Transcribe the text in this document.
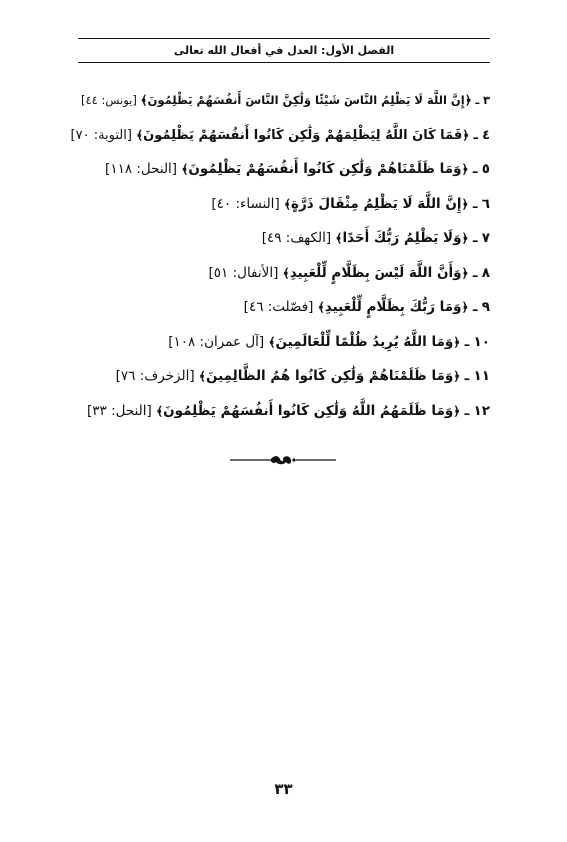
الفصل الأول: العدل في أفعال الله تعالى
٣ ـ ﴿إِنَّ اللَّهَ لَا يَظْلِمُ النَّاسَ شَيْئًا وَلَٰكِنَّ النَّاسَ أَنفُسَهُمْ يَظْلِمُونَ﴾ [يونس: ٤٤]
٤ ـ ﴿فَمَا كَانَ اللَّهُ لِيَظْلِمَهُمْ وَلَٰكِن كَانُوا أَنفُسَهُمْ يَظْلِمُونَ﴾ [التوبة: ٧٠]
٥ ـ ﴿وَمَا ظَلَمْنَاهُمْ وَلَٰكِن كَانُوا أَنفُسَهُمْ يَظْلِمُونَ﴾ [النحل: ١١٨]
٦ ـ ﴿إِنَّ اللَّهَ لَا يَظْلِمُ مِثْقَالَ ذَرَّةٍ﴾ [النساء: ٤٠]
٧ ـ ﴿وَلَا يَظْلِمُ رَبُّكَ أَحَدًا﴾ [الكهف: ٤٩]
٨ ـ ﴿وَأَنَّ اللَّهَ لَيْسَ بِظَلَّامٍ لِّلْعَبِيدِ﴾ [الأنفال: ٥١]
٩ ـ ﴿وَمَا رَبُّكَ بِظَلَّامٍ لِّلْعَبِيدِ﴾ [فصّلت: ٤٦]
١٠ ـ ﴿وَمَا اللَّهُ يُرِيدُ ظُلْمًا لِّلْعَالَمِينَ﴾ [آل عمران: ١٠٨]
١١ ـ ﴿وَمَا ظَلَمْنَاهُمْ وَلَٰكِن كَانُوا هُمُ الظَّالِمِينَ﴾ [الزخرف: ٧٦]
١٢ ـ ﴿وَمَا ظَلَمَهُمُ اللَّهُ وَلَٰكِن كَانُوا أَنفُسَهُمْ يَظْلِمُونَ﴾ [النحل: ٣٣]
٣٣
